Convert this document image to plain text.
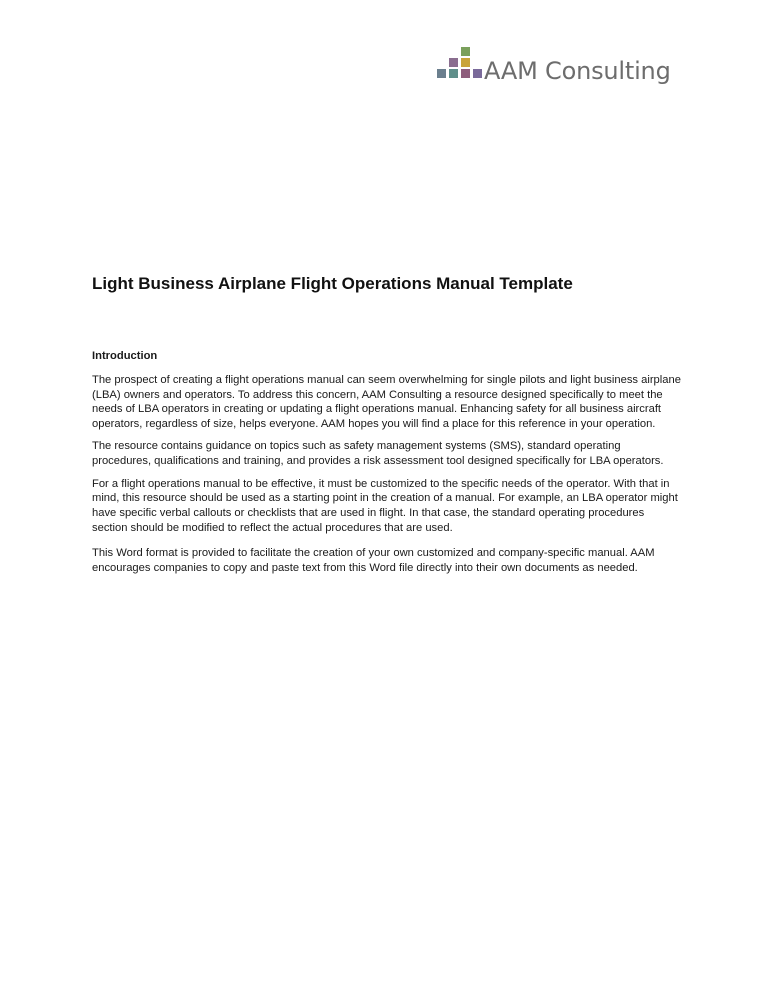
AAM Consulting
Light Business Airplane Flight Operations Manual Template
Introduction

The prospect of creating a flight operations manual can seem overwhelming for single pilots and light business airplane (LBA) owners and operators. To address this concern, AAM Consulting a resource designed specifically to meet the needs of LBA operators in creating or updating a flight operations manual. Enhancing safety for all business aircraft operators, regardless of size, helps everyone. AAM hopes you will find a place for this reference in your operation.

The resource contains guidance on topics such as safety management systems (SMS), standard operating procedures, qualifications and training, and provides a risk assessment tool designed specifically for LBA operators.

For a flight operations manual to be effective, it must be customized to the specific needs of the operator. With that in mind, this resource should be used as a starting point in the creation of a manual. For example, an LBA operator might have specific verbal callouts or checklists that are used in flight. In that case, the standard operating procedures section should be modified to reflect the actual procedures that are used.

This Word format is provided to facilitate the creation of your own customized and company-specific manual. AAM encourages companies to copy and paste text from this Word file directly into their own documents as needed.
